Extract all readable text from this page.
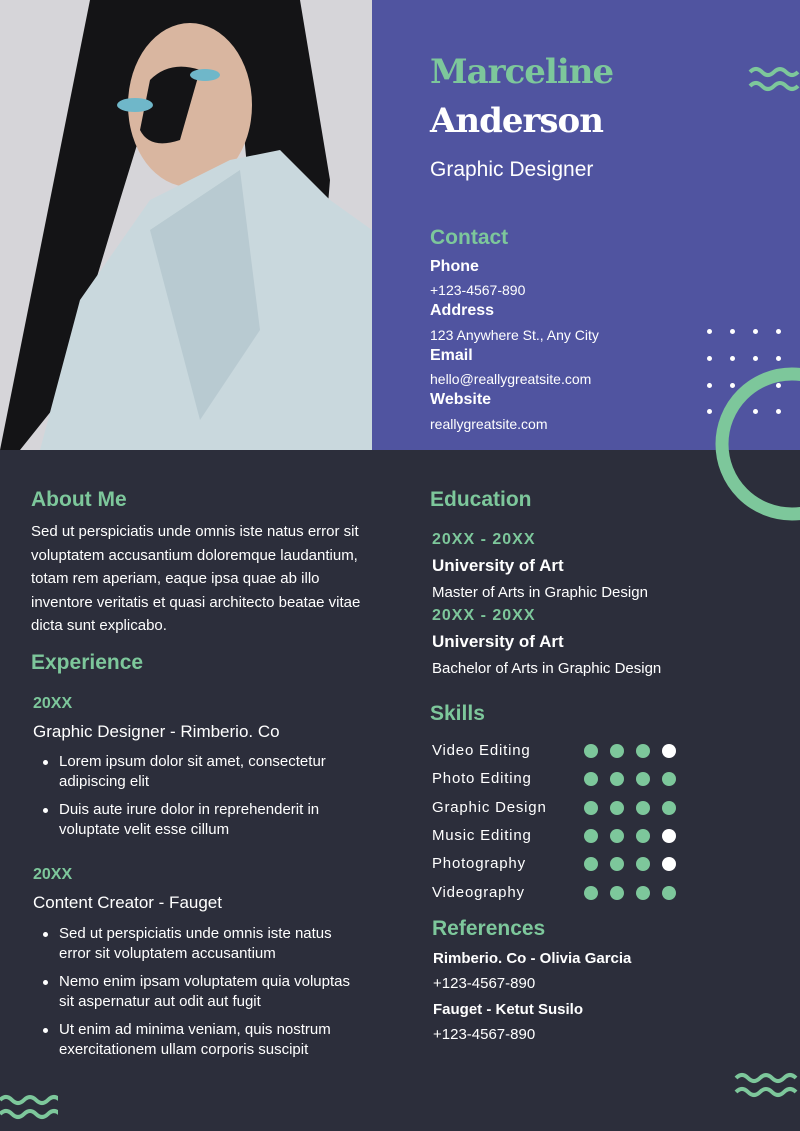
Marceline
Anderson
Graphic Designer
Contact
Phone
+123-4567-890
Address
123 Anywhere St., Any City
Email
hello@reallygreatsite.com
Website
reallygreatsite.com
About Me
Sed ut perspiciatis unde omnis iste natus error sit voluptatem accusantium doloremque laudantium, totam rem aperiam, eaque ipsa quae ab illo inventore veritatis et quasi architecto beatae vitae dicta sunt explicabo.
Experience
20XX
Graphic Designer - Rimberio. Co
Lorem ipsum dolor sit amet, consectetur adipiscing elit
Duis aute irure dolor in reprehenderit in voluptate velit esse cillum
20XX
Content Creator - Fauget
Sed ut perspiciatis unde omnis iste natus error sit voluptatem accusantium
Nemo enim ipsam voluptatem quia voluptas sit aspernatur aut odit aut fugit
Ut enim ad minima veniam, quis nostrum exercitationem ullam corporis suscipit
Education
20XX - 20XX
University of Art
Master of Arts in Graphic Design
20XX - 20XX
University of Art
Bachelor of Arts in Graphic Design
Skills
Video Editing
Photo Editing
Graphic Design
Music Editing
Photography
Videography
References
Rimberio. Co - Olivia Garcia
+123-4567-890
Fauget - Ketut Susilo
+123-4567-890
